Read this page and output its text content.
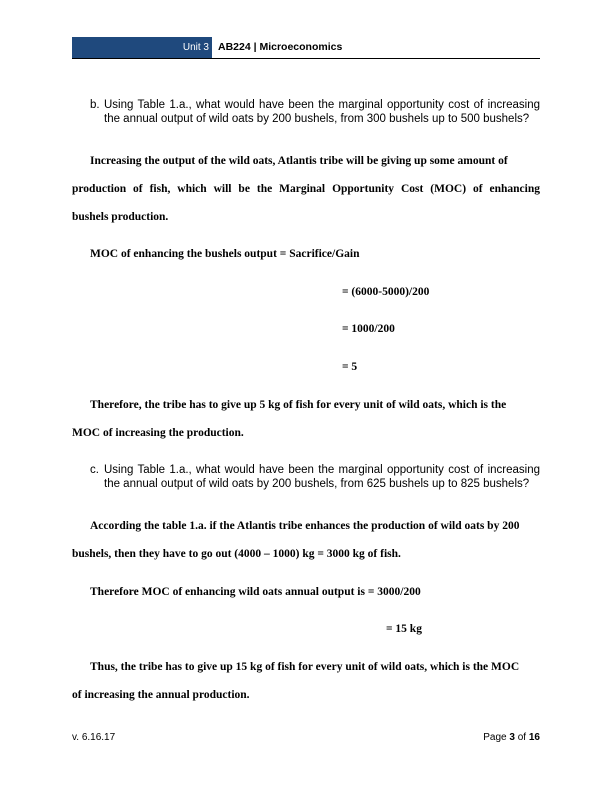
Unit 3 AB224 | Microeconomics
b. Using Table 1.a., what would have been the marginal opportunity cost of increasing the annual output of wild oats by 200 bushels, from 300 bushels up to 500 bushels?
Increasing the output of the wild oats, Atlantis tribe will be giving up some amount of
production of fish, which will be the Marginal Opportunity Cost (MOC) of enhancing
bushels production.
MOC of enhancing the bushels output = Sacrifice/Gain
= (6000-5000)/200
= 1000/200
= 5
Therefore, the tribe has to give up 5 kg of fish for every unit of wild oats, which is the
MOC of increasing the production.
c. Using Table 1.a., what would have been the marginal opportunity cost of increasing the annual output of wild oats by 200 bushels, from 625 bushels up to 825 bushels?
According the table 1.a. if the Atlantis tribe enhances the production of wild oats by 200
bushels, then they have to go out (4000 – 1000) kg = 3000 kg of fish.
Therefore MOC of enhancing wild oats annual output is = 3000/200
= 15 kg
Thus, the tribe has to give up 15 kg of fish for every unit of wild oats, which is the MOC
of increasing the annual production.
v. 6.16.17	Page 3 of 16
